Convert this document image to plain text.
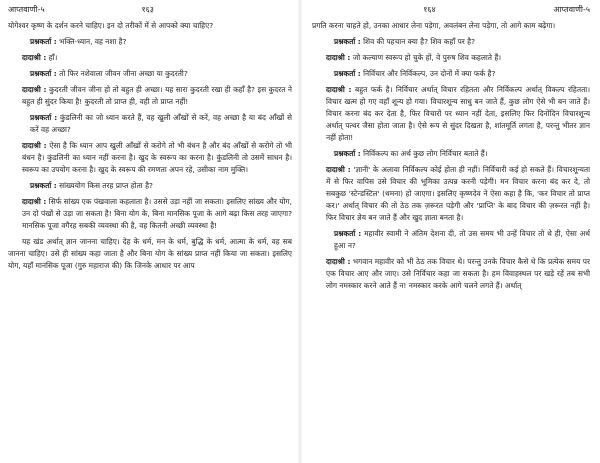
आप्तवाणी-५	१६३

योगेश्वर कृष्ण के दर्शन करने चाहिए। इन दो तरीकों में से आपको क्या चाहिए?

प्रश्नकर्ता : भक्ति-ध्यान, वह नशा है?

दादाश्री : हाँ।

प्रश्नकर्ता : तो फिर नशेवाला जीवन जीना अच्छा या कुदरती?

दादाश्री : कुदरती जीवन जीना हो तो बहुत ही अच्छा। यह सारा कुदरती रखा ही कहाँ है? इस कुदरत ने बहुत ही सुंदर किया है! कुदरती तो प्राप्त ही, वही तो प्राप्त नहीं!

प्रश्नकर्ता : कुंडलिनी का जो ध्यान करते हैं, वह खुली आँखों से करें, वह अच्छा है या बंद आँखों से करें वह अच्छा?

दादाश्री : ऐसा है कि ध्यान आप खुली आँखों से करोगे तो भी बंधन है और बंद आँखों से करोगे तो भी बंधन है। कुंडलिनी का ध्यान नहीं करना है। खुद के स्वरूप का करना है। कुंडलिनी तो उसमें साधन है। स्वरूप का उपयोग करना है। खुद के स्वरूप की रमणता अपन रहे, उसीका नाम मुक्ति।

प्रश्नकर्ता : सांख्ययोग किस तरह प्राप्त होता है?

दादाश्री : सिर्फ सांख्य एक पंखवाला कहलाता है। उससे उड़ा नहीं जा सकता। इसलिए सांख्य और योग, उन दो पंखों से उड़ा जा सकता है! बिना योग के, बिना मानसिक पूजा के आगे बढ़ा किस तरह जाएगा? मानसिक पूजा वगैरह सबकी व्यवस्था की है, वह कितनी अच्छी व्यवस्था है!

यह खंड अर्थात् ज्ञान जानना चाहिए। देह के धर्म, मन के धर्म, बुद्धि के धर्म, आत्मा के धर्म, वह सब जानना चाहिए। उसे ही सांख्य कहा जाता है और बिना योग के सांख्य प्राप्त नहीं किया जा सकता। इसलिए योग, यहाँ मानसिक पूजा (गुरु महाराज की) कि जिनके आधार पर आप

१६४	आप्तवाणी-५

प्रगति करना चाहते हो, उनका आधार लेना पड़ेगा, अवलंबन लेना पड़ेगा, तो आगे काम बढ़ेगा।

प्रश्नकर्ता : शिव की पहचान क्या है? शिव कहाँ पर है?

दादाश्री : जो कल्याण स्वरूप हो चुके हों, वे पुरुष शिव कहलाते हैं।

प्रश्नकर्ता : निर्विचार और निर्विकल्प, उन दोनों में क्या फर्क है?

दादाश्री : बहुत फर्क है। निर्विचार अर्थात् विचार रहितता और निर्विकल्प अर्थात् विकल्प रहितता। विचार खत्म हो गए वहाँ शून्य हो गया। विचारशून्य साधु बन जाते हैं, कुछ लोग ऐसे भी बन जाते हैं। विचार करना बंद कर देता है, फिर विचारों पर ध्यान नहीं देता, इसलिए फिर दिनोंदिन विचारशून्य अर्थात् पत्थर जैसा होता जाता है। ऐसे रूप से सुंदर दिखता है, शांतमूर्ति लगता है, परन्तु भीतर ज्ञान नहीं होता!

प्रश्नकर्ता : निर्विकल्प का अर्थ कुछ लोग निर्विचार बताते हैं।

दादाश्री : 'ज्ञानी' के अलावा निर्विकल्प कोई होता ही नहीं। निर्विचारी कई हो सकते हैं। विचारशून्यता में से फिर वापिस उसे विचार की भूमिका उत्पन्न करनी पड़ेगी। मन विचार करना बंद कर दे, तो सबकुछ 'स्टेन्डस्टिल' (थमना) हो जाएगा। इसलिए कृष्णदेव ने ऐसा कहा है कि, 'कर विचार तो प्राप्त कर।' अर्थात् विचार की तो ठेठ तक ज़रूरत पड़ेगी और 'प्राप्ति' के बाद विचार की ज़रूरत नहीं है। फिर विचार ज्ञेय बन जाते हैं और खुद ज्ञाता बनता है।

प्रश्नकर्ता : महावीर स्वामी ने अंतिम देशना दी, तो उस समय भी उन्हें विचार तो थे ही, ऐसा अर्थ हुआ न?

दादाश्री : भगवान महावीर को भी ठेठ तक विचार थे। परन्तु उनके विचार कैसे थे कि प्रत्येक समय पर एक विचार आए और जाए। उसे निर्विचार कहा जा सकता है। हम विवाहस्थल पर खड़े रहें तब सभी लोग नमस्कार करने आते हैं न! नमस्कार करके आगे चलने लगते हैं। अर्थात्
